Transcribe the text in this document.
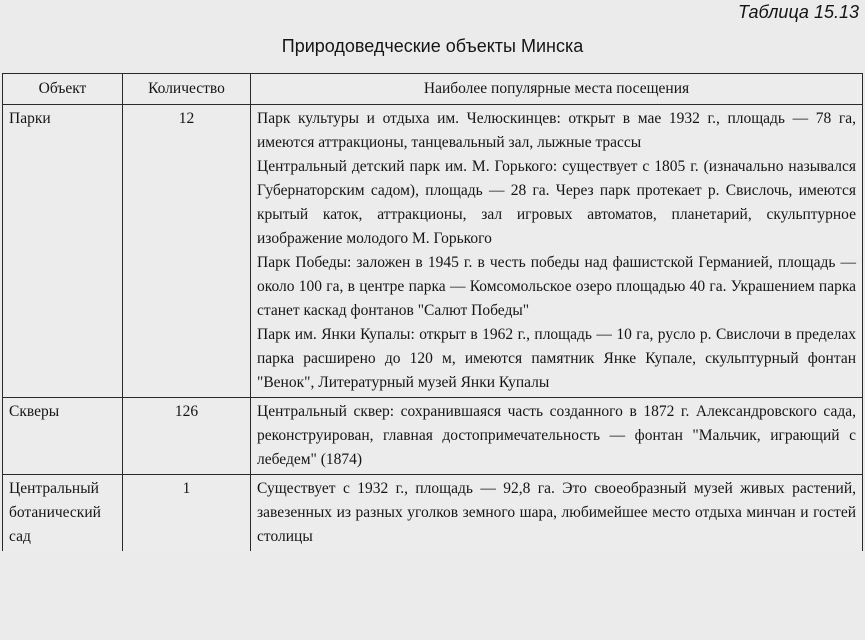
Таблица 15.13
Природоведческие объекты Минска
Объект	Количество	Наиболее популярные места посещения
Парки	12	Парк культуры и отдыха им. Челюскинцев: открыт в мае 1932 г., площадь — 78 га, имеются аттракционы, танцевальный зал, лыжные трассы

Центральный детский парк им. М. Горького: существует с 1805 г. (изначально назывался Губернаторским садом), площадь — 28 га. Через парк протекает р. Свислочь, имеются крытый каток, аттракционы, зал игровых автоматов, планетарий, скульптурное изображение молодого М. Горького

Парк Победы: заложен в 1945 г. в честь победы над фашистской Германией, площадь — около 100 га, в центре парка — Комсомольское озеро площадью 40 га. Украшением парка станет каскад фонтанов "Салют Победы"

Парк им. Янки Купалы: открыт в 1962 г., площадь — 10 га, русло р. Свислочи в пределах парка расширено до 120 м, имеются памятник Янке Купале, скульптурный фонтан "Венок", Литературный музей Янки Купалы

Скверы	126	Центральный сквер: сохранившаяся часть созданного в 1872 г. Александровского сада, реконструирован, главная достопримечательность — фонтан "Мальчик, играющий с лебедем" (1874)

Центральный ботанический сад	1	Существует с 1932 г., площадь — 92,8 га. Это своеобразный музей живых растений, завезенных из разных уголков земного шара, любимейшее место отдыха минчан и гостей столицы
